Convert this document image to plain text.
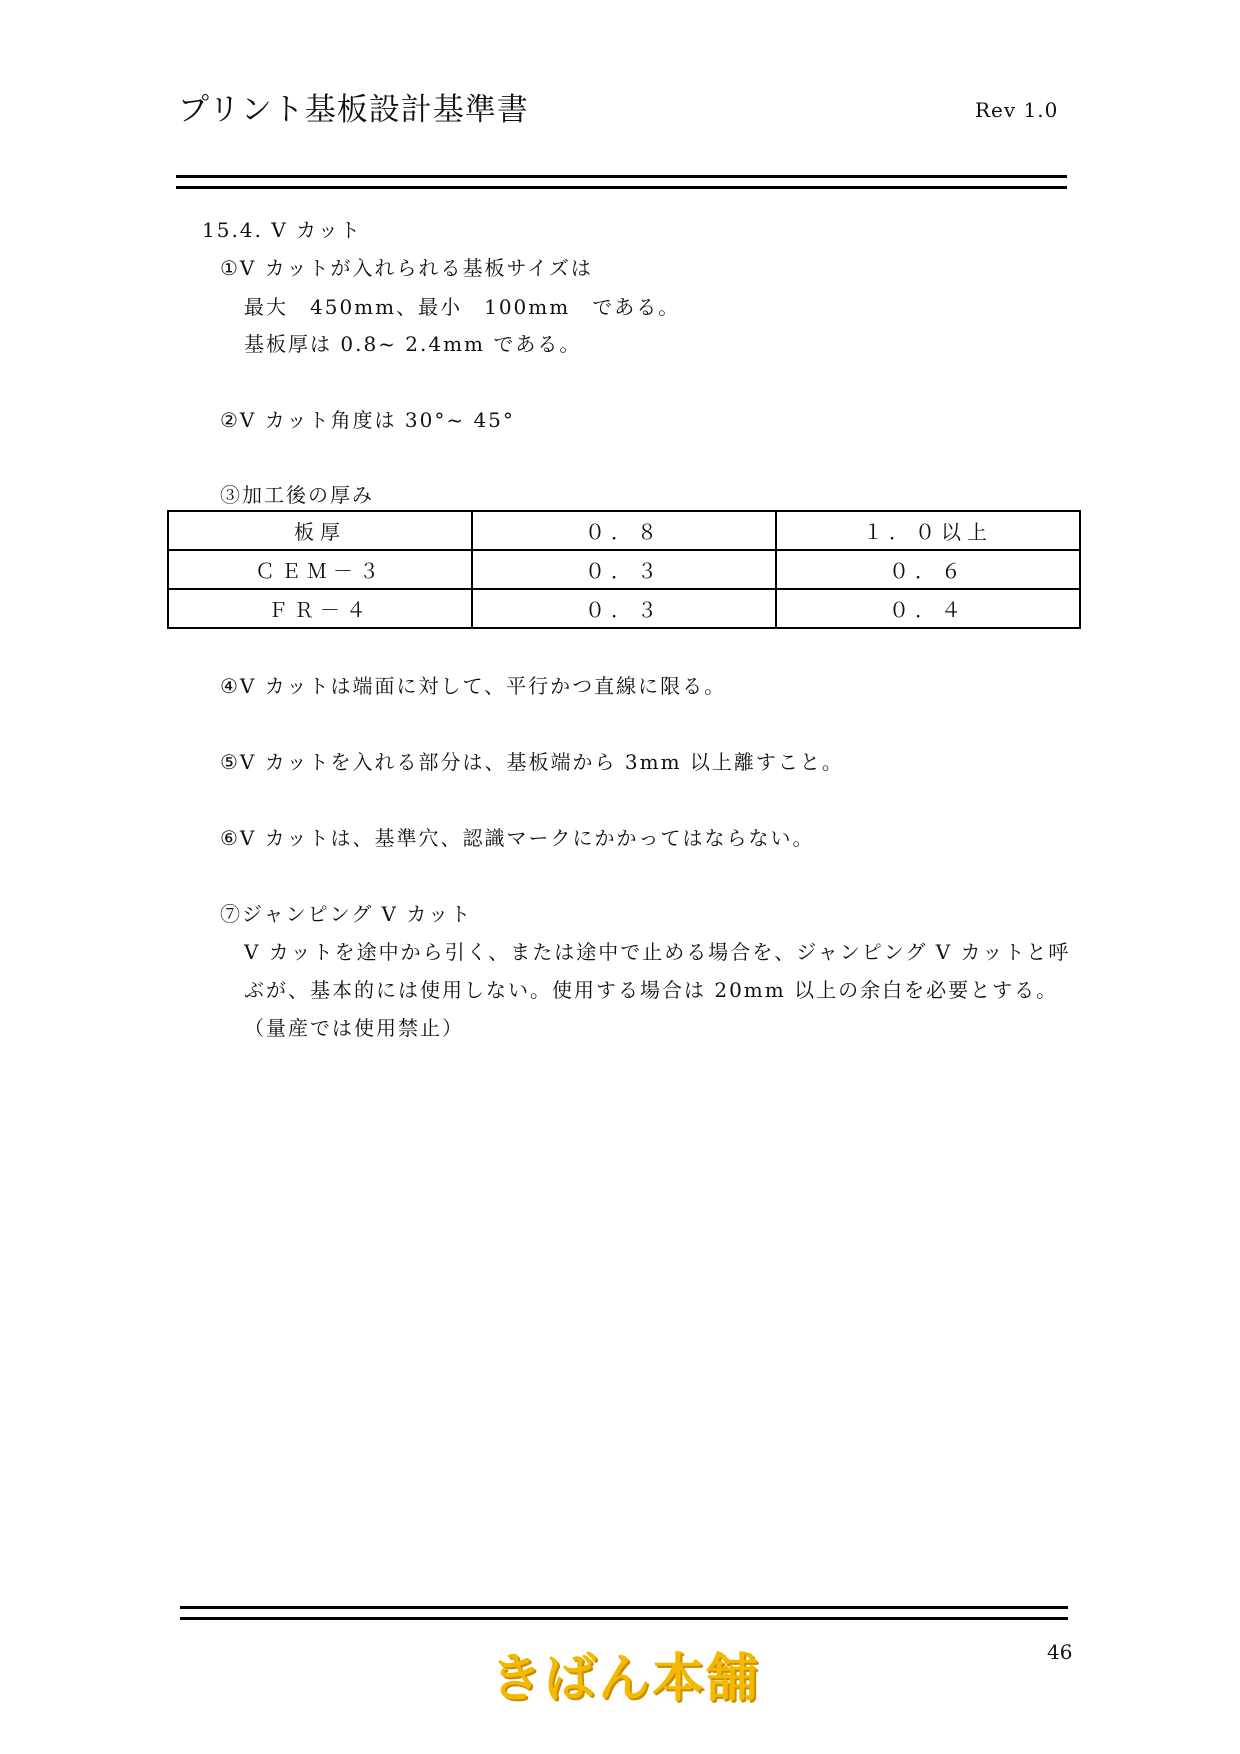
プリント基板設計基準書	Rev 1.0
15.4. V カット
①V カットが入れられる基板サイズは
最大　450mm、最小　100mm　である。
基板厚は 0.8~ 2.4mm である。
②V カット角度は 30°~ 45°
③加工後の厚み
板厚	０．８	１．０以上
ＣＥＭ－３	０．３	０．６
ＦＲ－４	０．３	０．４
④V カットは端面に対して、平行かつ直線に限る。
⑤V カットを入れる部分は、基板端から 3mm 以上離すこと。
⑥V カットは、基準穴、認識マークにかかってはならない。
⑦ジャンピング V カット
V カットを途中から引く、または途中で止める場合を、ジャンピング V カットと呼
ぶが、基本的には使用しない。使用する場合は 20mm 以上の余白を必要とする。
（量産では使用禁止）
きばん本舗	46
